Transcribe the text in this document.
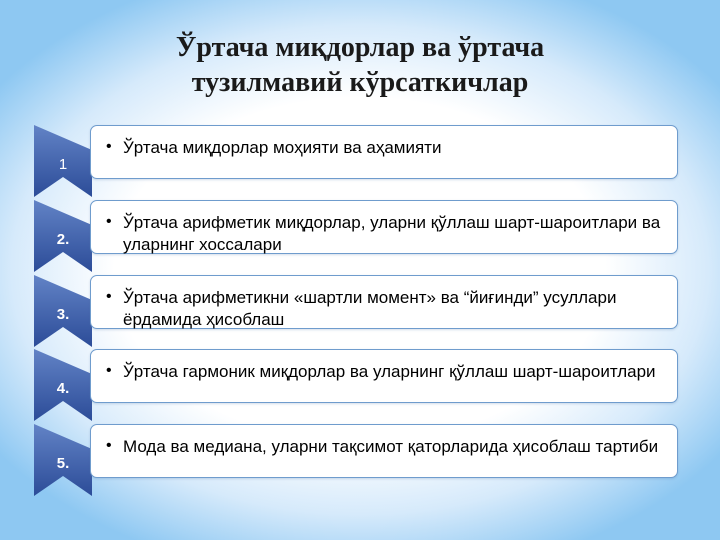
Ўртача миқдорлар ва ўртача
тузилмавий кўрсаткичлар
1
• Ўртача миқдорлар моҳияти ва аҳамияти
2.
• Ўртача арифметик миқдорлар, уларни қўллаш шарт-шароитлари ва уларнинг хоссалари
3.
• Ўртача арифметикни «шартли момент» ва “йиғинди” усуллари ёрдамида ҳисоблаш
4.
• Ўртача гармоник миқдорлар ва уларнинг қўллаш шарт-шароитлари
5.
• Мода ва медиана, уларни тақсимот қаторларида ҳисоблаш тартиби
